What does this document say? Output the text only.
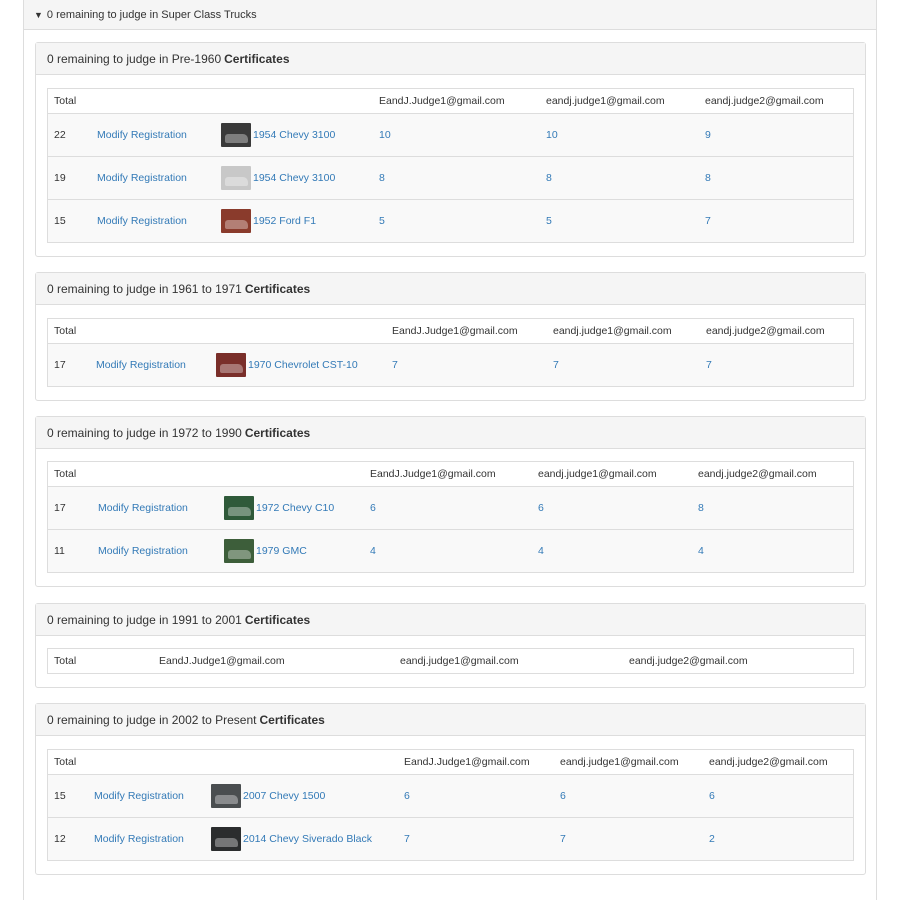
▼ 0 remaining to judge in Super Class Trucks
0 remaining to judge in Pre-1960 Certificates
Total	EandJ.Judge1@gmail.com	eandj.judge1@gmail.com	eandj.judge2@gmail.com
22	Modify Registration	1954 Chevy 3100	10	10	9
19	Modify Registration	1954 Chevy 3100	8	8	8
15	Modify Registration	1952 Ford F1	5	5	7
0 remaining to judge in 1961 to 1971 Certificates
Total	EandJ.Judge1@gmail.com	eandj.judge1@gmail.com	eandj.judge2@gmail.com
17	Modify Registration	1970 Chevrolet CST-10	7	7	7
0 remaining to judge in 1972 to 1990 Certificates
Total	EandJ.Judge1@gmail.com	eandj.judge1@gmail.com	eandj.judge2@gmail.com
17	Modify Registration	1972 Chevy C10	6	6	8
11	Modify Registration	1979 GMC	4	4	4
0 remaining to judge in 1991 to 2001 Certificates
Total	EandJ.Judge1@gmail.com	eandj.judge1@gmail.com	eandj.judge2@gmail.com
0 remaining to judge in 2002 to Present Certificates
Total	EandJ.Judge1@gmail.com	eandj.judge1@gmail.com	eandj.judge2@gmail.com
15	Modify Registration	2007 Chevy 1500	6	6	6
12	Modify Registration	2014 Chevy Siverado Black	7	7	2
